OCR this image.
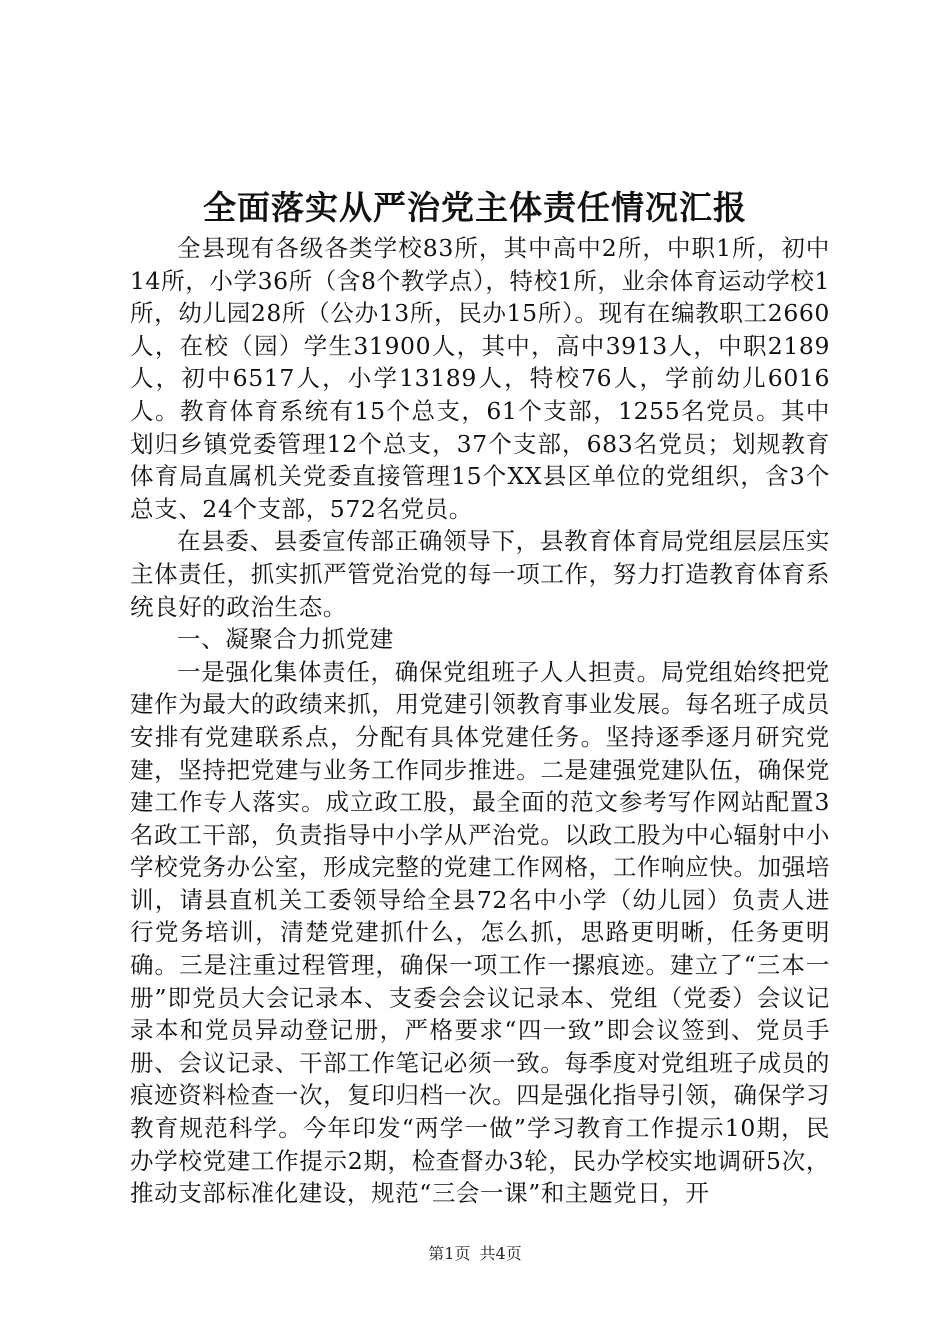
全面落实从严治党主体责任情况汇报

全县现有各级各类学校83所，其中高中2所，中职1所，初中14所，小学36所（含8个教学点），特校1所，业余体育运动学校1所，幼儿园28所（公办13所，民办15所）。现有在编教职工2660人，在校（园）学生31900人，其中，高中3913人，中职2189人，初中6517人，小学13189人，特校76人，学前幼儿6016人。教育体育系统有15个总支，61个支部，1255名党员。其中划归乡镇党委管理12个总支，37个支部，683名党员；划规教育体育局直属机关党委直接管理15个XX县区单位的党组织，含3个总支、24个支部，572名党员。

在县委、县委宣传部正确领导下，县教育体育局党组层层压实主体责任，抓实抓严管党治党的每一项工作，努力打造教育体育系统良好的政治生态。

一、凝聚合力抓党建

一是强化集体责任，确保党组班子人人担责。局党组始终把党建作为最大的政绩来抓，用党建引领教育事业发展。每名班子成员安排有党建联系点，分配有具体党建任务。坚持逐季逐月研究党建，坚持把党建与业务工作同步推进。二是建强党建队伍，确保党建工作专人落实。成立政工股，最全面的范文参考写作网站配置3名政工干部，负责指导中小学从严治党。以政工股为中心辐射中小学校党务办公室，形成完整的党建工作网格，工作响应快。加强培训，请县直机关工委领导给全县72名中小学（幼儿园）负责人进行党务培训，清楚党建抓什么，怎么抓，思路更明晰，任务更明确。三是注重过程管理，确保一项工作一摞痕迹。建立了“三本一册”即党员大会记录本、支委会会议记录本、党组（党委）会议记录本和党员异动登记册，严格要求“四一致”即会议签到、党员手册、会议记录、干部工作笔记必须一致。每季度对党组班子成员的痕迹资料检查一次，复印归档一次。四是强化指导引领，确保学习教育规范科学。今年印发“两学一做”学习教育工作提示10期，民办学校党建工作提示2期，检查督办3轮，民办学校实地调研5次，推动支部标准化建设，规范“三会一课”和主题党日，开

第1页 共4页
